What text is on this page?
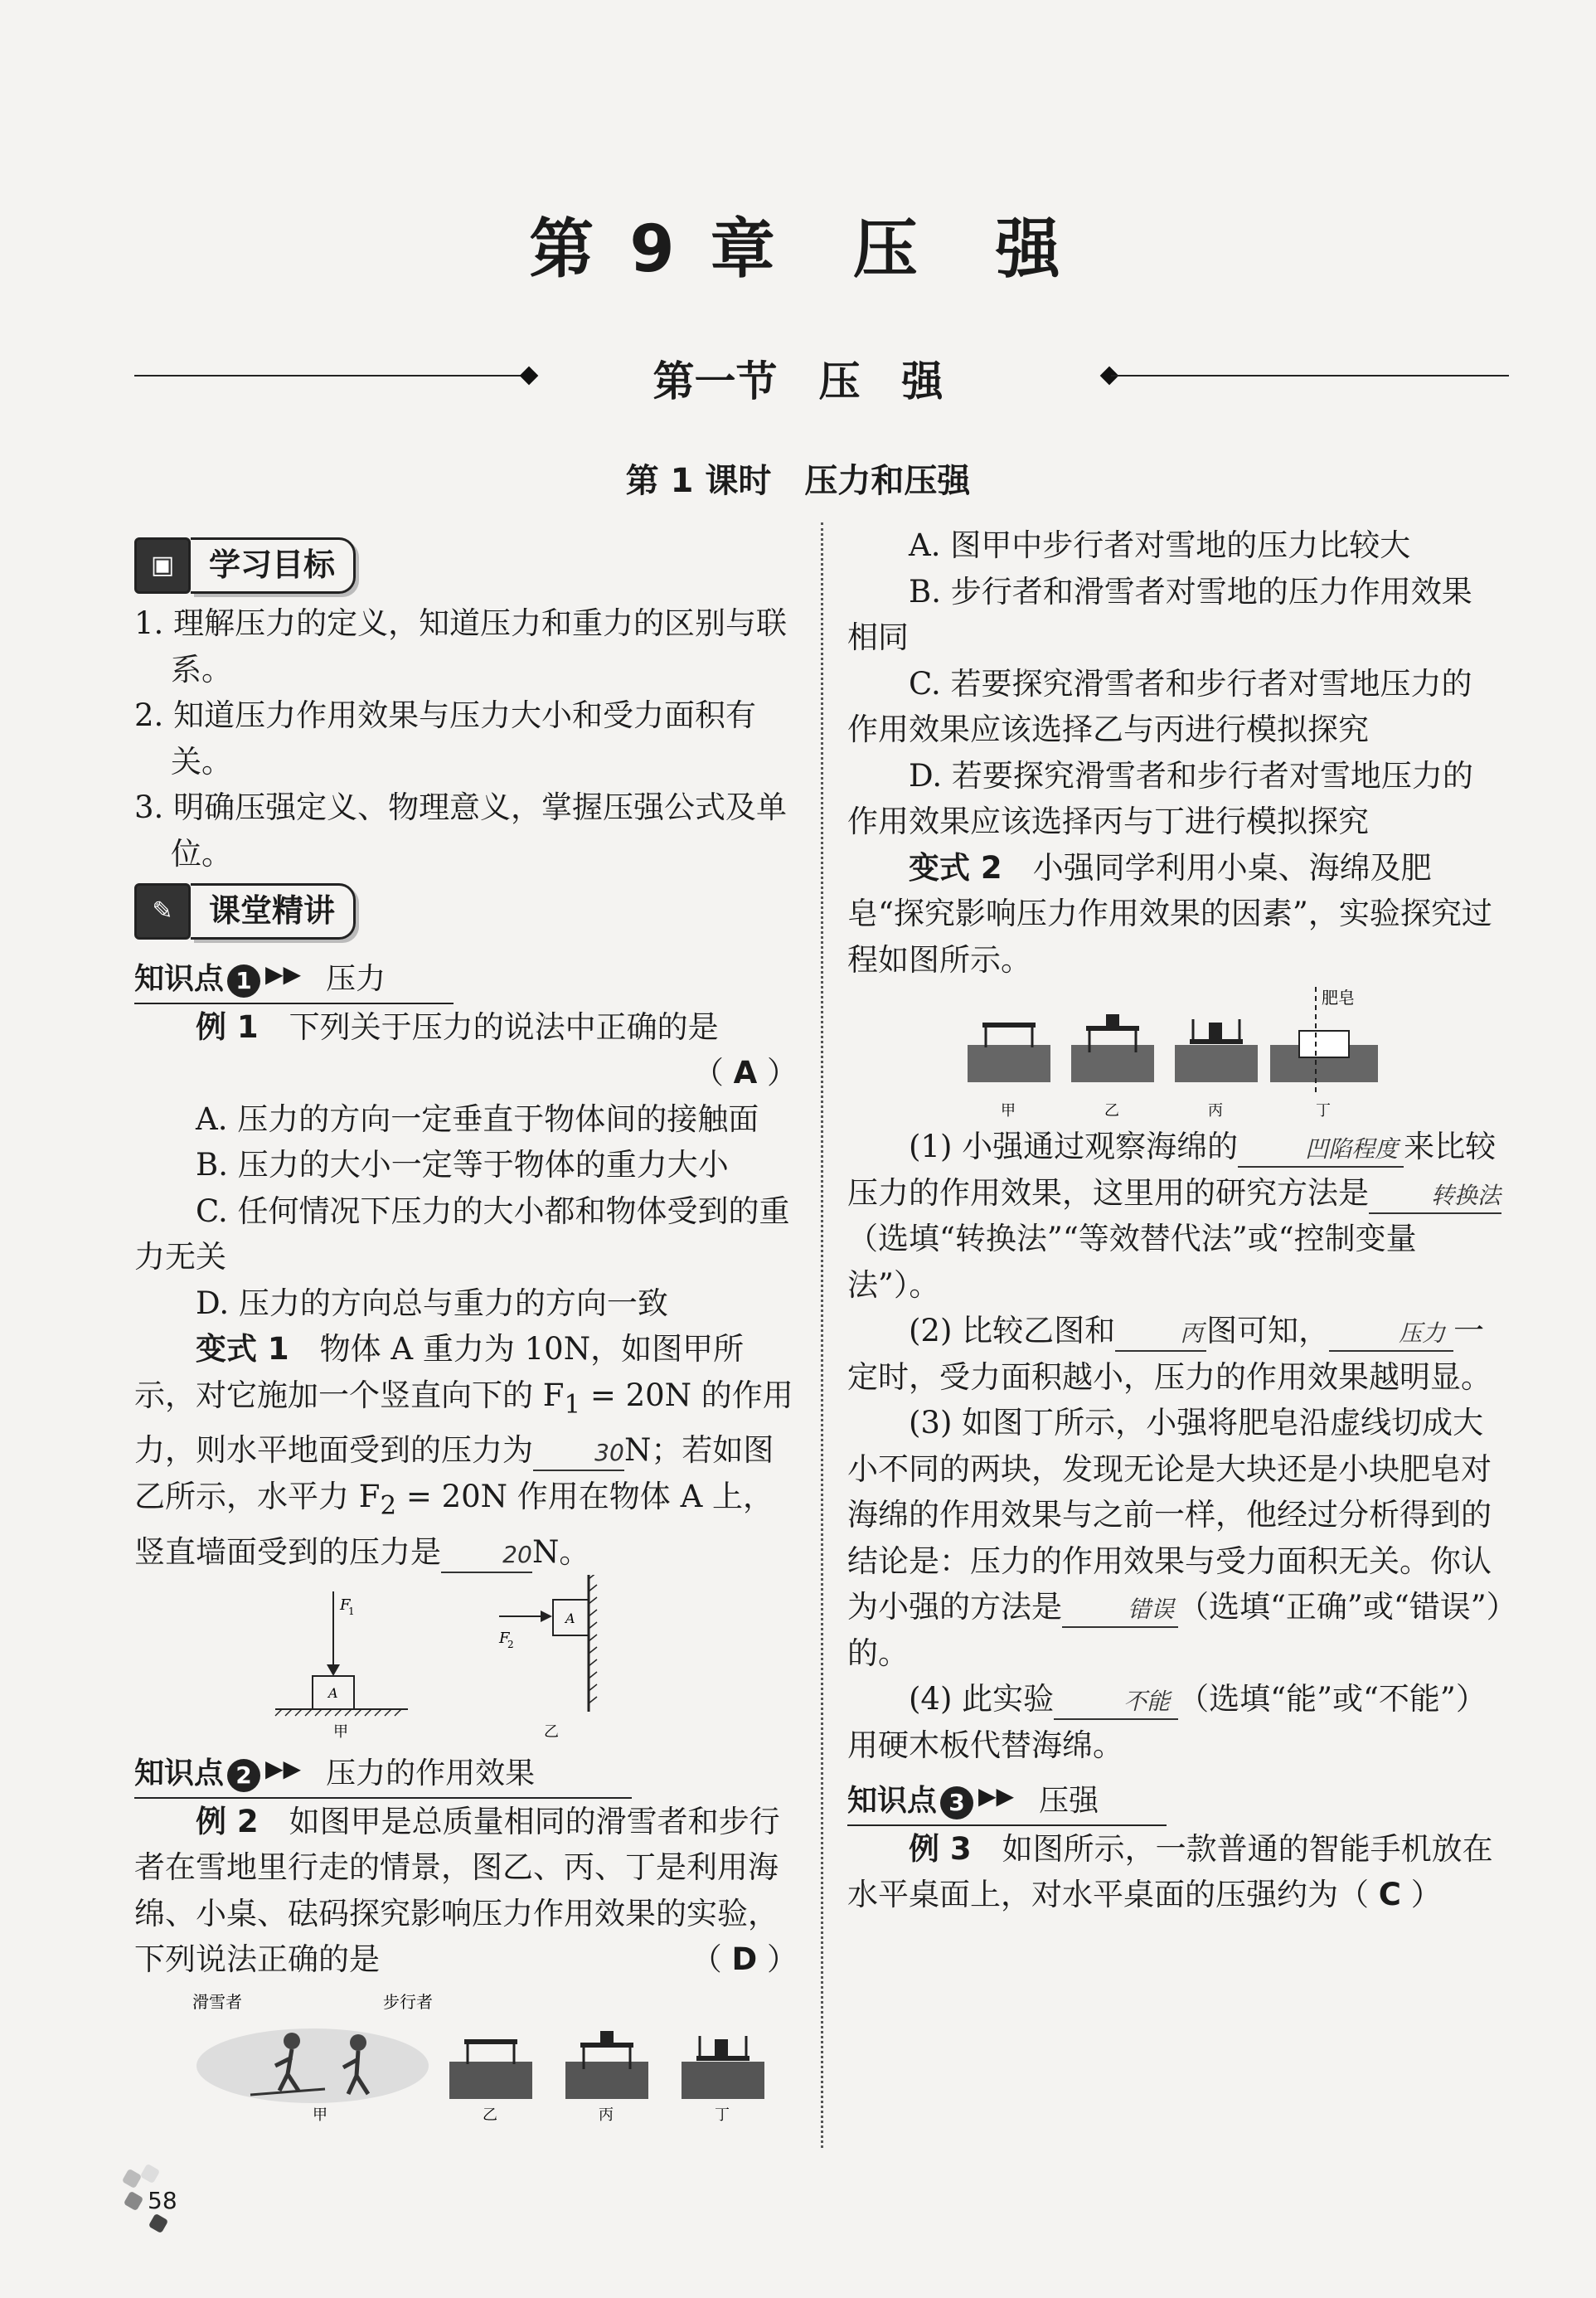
第 9 章　压　强
第一节　压　强
第 1 课时　压力和压强
▣	学习目标

1. 理解压力的定义，知道压力和重力的区别与联系。

2. 知道压力作用效果与压力大小和受力面积有关。

3. 明确压强定义、物理意义，掌握压强公式及单位。

✎	课堂精讲
知识点 1 ▶▶ 压力

例 1　 下列关于压力的说法中正确的是

（ A ）

A. 压力的方向一定垂直于物体间的接触面

B. 压力的大小一定等于物体的重力大小

C. 任何情况下压力的大小都和物体受到的重力无关

D. 压力的方向总与重力的方向一致

变式 1　 物体 A 重力为 10N，如图甲所示，对它施加一个竖直向下的 $F_1 = 20N$ 的作用力，则水平地面受到的压力为	30N；若如图乙所示，水平力 $F_2 = 20N$ 作用在物体 A 上，竖直墙面受到的压力是	20N。

F
1
A
甲
A
F
2
乙
知识点 2 ▶▶ 压力的作用效果

例 2　 如图甲是总质量相同的滑雪者和步行者在雪地里行走的情景，图乙、丙、丁是利用海绵、小桌、砝码探究影响压力作用效果的实验，下列说法正确的是	（ D ）

滑雪者	步行者
甲	乙	丙	丁

A. 图甲中步行者对雪地的压力比较大

B. 步行者和滑雪者对雪地的压力作用效果相同

C. 若要探究滑雪者和步行者对雪地压力的作用效果应该选择乙与丙进行模拟探究

D. 若要探究滑雪者和步行者对雪地压力的作用效果应该选择丙与丁进行模拟探究

变式 2　 小强同学利用小桌、海绵及肥皂“探究影响压力作用效果的因素”，实验探究过程如图所示。

肥皂
甲	乙	丙	丁

(1) 小强通过观察海绵的	凹陷程度 来比较压力的作用效果，这里用的研究方法是	转换法（选填“转换法”“等效替代法”或“控制变量法”）。

(2) 比较乙图和	丙 图可知，	压力 一定时，受力面积越小，压力的作用效果越明显。

(3) 如图丁所示，小强将肥皂沿虚线切成大小不同的两块，发现无论是大块还是小块肥皂对海绵的作用效果与之前一样，他经过分析得到的结论是：压力的作用效果与受力面积无关。你认为小强的方法是	错误 （选填“正确”或“错误”）的。

(4) 此实验	不能 （选填“能”或“不能”）用硬木板代替海绵。

知识点 3 ▶▶ 压强

例 3　 如图所示，一款普通的智能手机放在水平桌面上，对水平桌面的压强约为（ C ）

58
